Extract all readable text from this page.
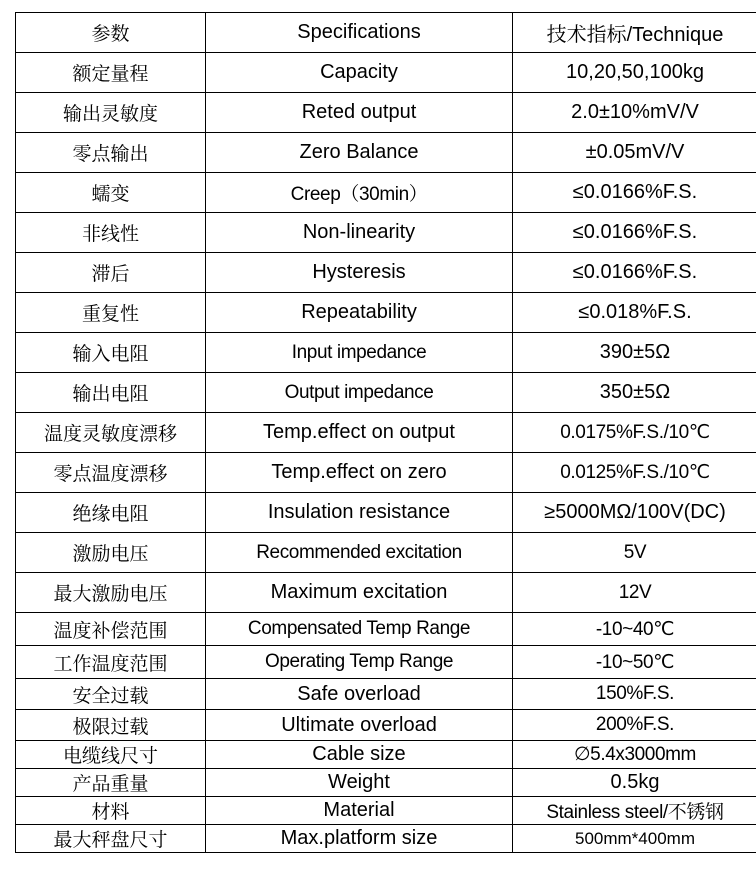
参数	Specifications	技术指标/Technique
额定量程	Capacity	10,20,50,100kg
输出灵敏度	Reted output	2.0±10%mV/V
零点输出	Zero Balance	±0.05mV/V
蠕变	Creep（30min）	≤0.0166%F.S.
非线性	Non-linearity	≤0.0166%F.S.
滞后	Hysteresis	≤0.0166%F.S.
重复性	Repeatability	≤0.018%F.S.
输入电阻	Input impedance	390±5Ω
输出电阻	Output impedance	350±5Ω
温度灵敏度漂移	Temp.effect on output	0.0175%F.S./10℃
零点温度漂移	Temp.effect on zero	0.0125%F.S./10℃
绝缘电阻	Insulation resistance	≥5000MΩ/100V(DC)
激励电压	Recommended excitation	5V
最大激励电压	Maximum excitation	12V
温度补偿范围	Compensated Temp Range	-10~40℃
工作温度范围	Operating Temp Range	-10~50℃
安全过载	Safe overload	150%F.S.
极限过载	Ultimate overload	200%F.S.
电缆线尺寸	Cable size	∅5.4x3000mm
产品重量	Weight	0.5kg
材料	Material	Stainless steel/不锈钢
最大秤盘尺寸	Max.platform size	500mm*400mm
